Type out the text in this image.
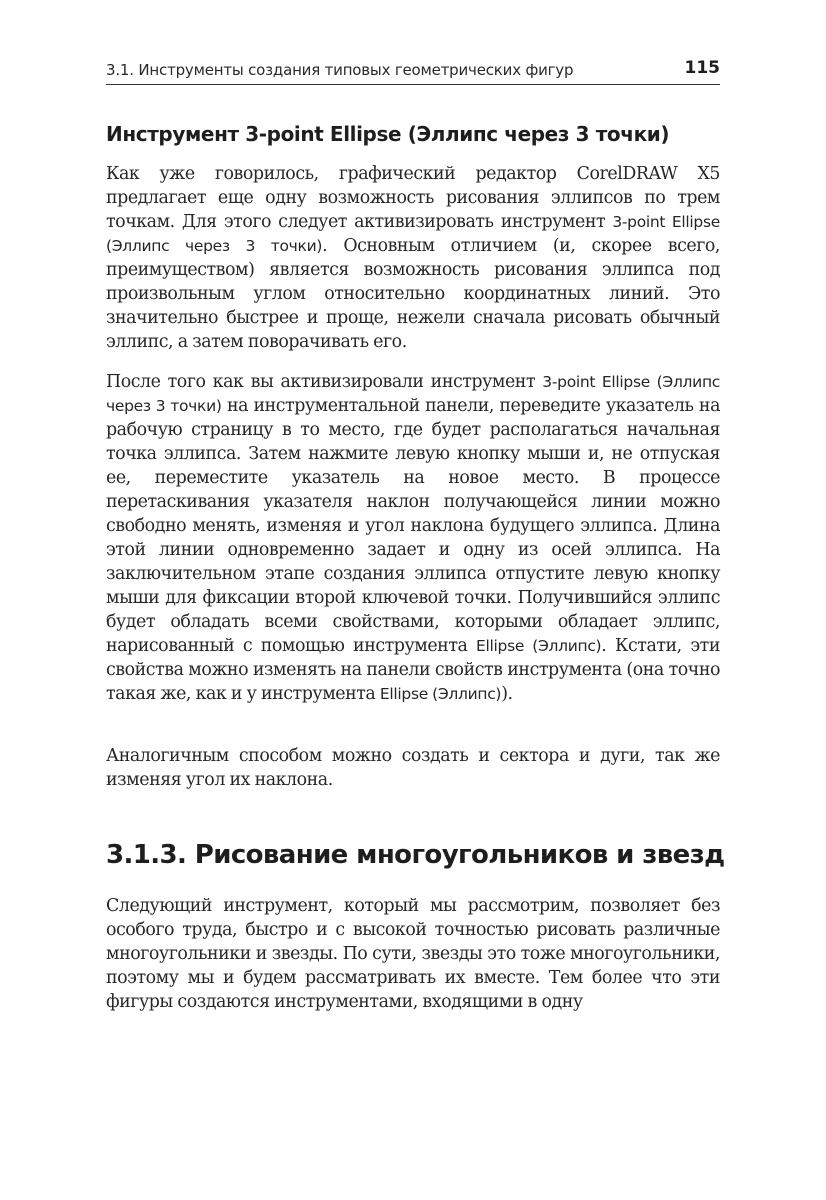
3.1. Инструменты создания типовых геометрических фигур	115
Инструмент 3-point Ellipse (Эллипс через 3 точки)

Как уже говорилось, графический редактор CorelDRAW X5 предлагает еще одну возможность рисования эллипсов по трем точкам. Для этого следует активизировать инструмент 3-point Ellipse (Эллипс через 3 точки). Основным отличием (и, скорее всего, преимуществом) является возможность рисования эллипса под произвольным углом относительно координатных линий. Это значительно быстрее и проще, нежели сначала рисовать обычный эллипс, а затем поворачивать его.

После того как вы активизировали инструмент 3-point Ellipse (Эллипс через 3 точки) на инструментальной панели, переведите указатель на рабочую страницу в то место, где будет располагаться начальная точка эллипса. Затем нажмите левую кнопку мыши и, не отпуская ее, переместите указатель на новое место. В процессе перетаскивания указателя наклон получающейся линии можно свободно менять, изменяя и угол наклона будущего эллипса. Длина этой линии одновременно задает и одну из осей эллипса. На заключительном этапе создания эллипса отпустите левую кнопку мыши для фиксации второй ключевой точки. Получившийся эллипс будет обладать всеми свойствами, которыми обладает эллипс, нарисованный с помощью инструмента Ellipse (Эллипс). Кстати, эти свойства можно изменять на панели свойств инструмента (она точно такая же, как и у инструмента Ellipse (Эллипс)).

Аналогичным способом можно создать и сектора и дуги, так же изменяя угол их наклона.

3.1.3. Рисование многоугольников и звезд

Следующий инструмент, который мы рассмотрим, позволяет без особого труда, быстро и с высокой точностью рисовать различные многоугольники и звезды. По сути, звезды это тоже многоугольники, поэтому мы и будем рассматривать их вместе. Тем более что эти фигуры создаются инструментами, входящими в одну
